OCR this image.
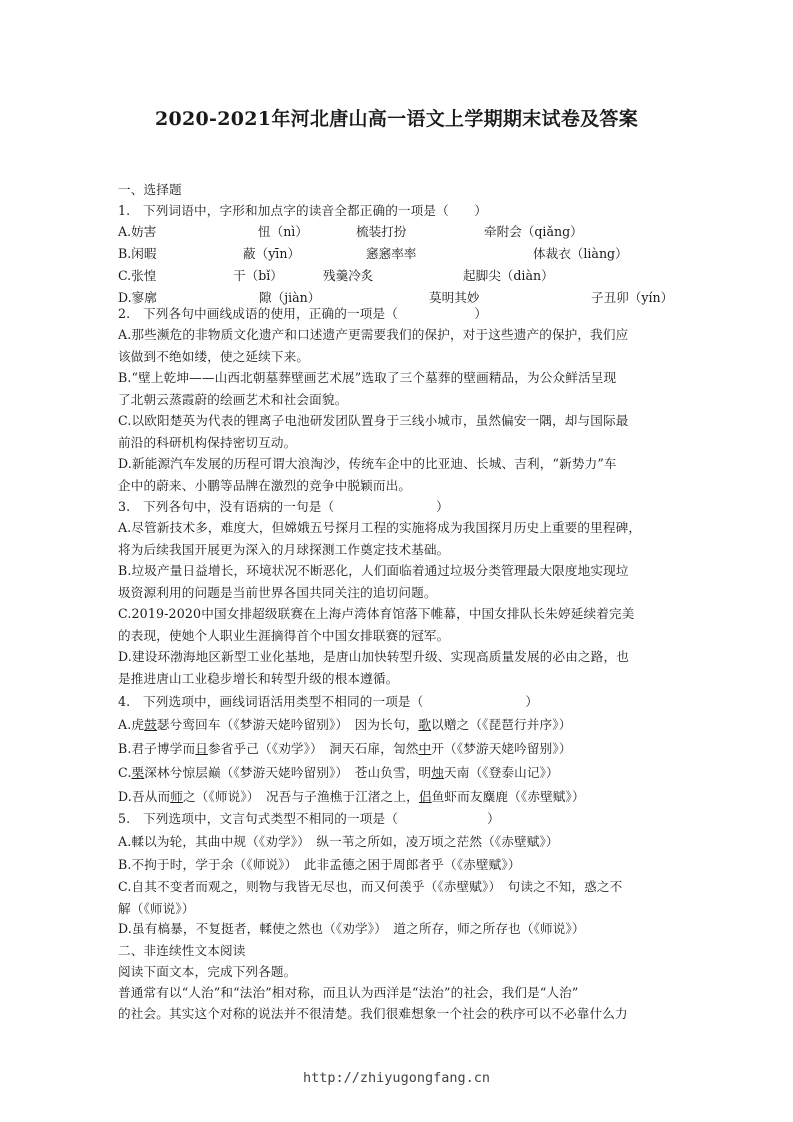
2020-2021年河北唐山高一语文上学期期末试卷及答案
一、选择题
1.　下列词语中，字形和加点字的读音全都正确的一项是（　　）
A.妨害	忸（nì）	梳装打扮	牵附会（qiǎng）
B.闲暇	蔽（yīn）	窸窸率率	体裁衣（liàng）
C.张惶	干（bǐ）	残羹冷炙	起脚尖（diàn）
D.寥廓	隙（jiàn）	莫明其妙	子丑卯（yín）
2.　下列各句中画线成语的使用，正确的一项是（　　　　　　）
A.那些濒危的非物质文化遗产和口述遗产更需要我们的保护，对于这些遗产的保护，我们应
该做到不绝如缕，使之延续下来。
B.“壁上乾坤——山西北朝墓葬壁画艺术展”选取了三个墓葬的壁画精品，为公众鲜活呈现
了北朝云蒸霞蔚的绘画艺术和社会面貌。
C.以欧阳楚英为代表的锂离子电池研发团队置身于三线小城市，虽然偏安一隅，却与国际最
前沿的科研机构保持密切互动。
D.新能源汽车发展的历程可谓大浪淘沙，传统车企中的比亚迪、长城、吉利，“新势力”车
企中的蔚来、小鹏等品牌在激烈的竞争中脱颖而出。
3.　下列各句中，没有语病的一句是（　　　　　　　　）
A.尽管新技术多，难度大，但嫦娥五号探月工程的实施将成为我国探月历史上重要的里程碑，
将为后续我国开展更为深入的月球探测工作奠定技术基础。
B.垃圾产量日益增长，环境状况不断恶化，人们面临着通过垃圾分类管理最大限度地实现垃
圾资源利用的问题是当前世界各国共同关注的追切问题。
C.2019-2020中国女排超级联赛在上海卢湾体育馆落下帷幕，中国女排队长朱婷延续着完美
的表现，使她个人职业生涯摘得首个中国女排联赛的冠军。
D.建设环渤海地区新型工业化基地，是唐山加快转型升级、实现高质量发展的必由之路，也
是推进唐山工业稳步增长和转型升级的根本遵循。
4.　下列选项中，画线词语活用类型不相同的一项是（　　　　　　　　）
A.虎鼓瑟兮鸾回车（《梦游天姥吟留别》）　因为长句，歌以赠之（《琵琶行并序》）
B.君子博学而日参省乎己（《劝学》）　洞天石扉，訇然中开（《梦游天姥吟留别》）
C.栗深林兮惊层巅（《梦游天姥吟留别》）　苍山负雪，明烛天南（《登泰山记》）
D.吾从而师之（《师说》）　况吾与子渔樵于江渚之上，侣鱼虾而友麋鹿（《赤壁赋》）
5.　下列选项中，文言句式类型不相同的一项是（　　　　　　　）
A.輮以为轮，其曲中规（《劝学》）　纵一苇之所如，凌万顷之茫然（《赤壁赋》）
B.不拘于时，学于余（《师说》）　此非孟德之困于周郎者乎（《赤壁赋》）
C.自其不变者而观之，则物与我皆无尽也，而又何羡乎（《赤壁赋》）　句读之不知，惑之不
解（《师说》）
D.虽有槁暴，不复挺者，輮使之然也（《劝学》）　道之所存，师之所存也（《师说》）
二、非连续性文本阅读
阅读下面文本，完成下列各题。
普通常有以“人治”和“法治”相对称，而且认为西洋是“法治”的社会，我们是“人治”
的社会。其实这个对称的说法并不很清楚。我们很难想象一个社会的秩序可以不必靠什么力
http://zhiyugongfang.cn
